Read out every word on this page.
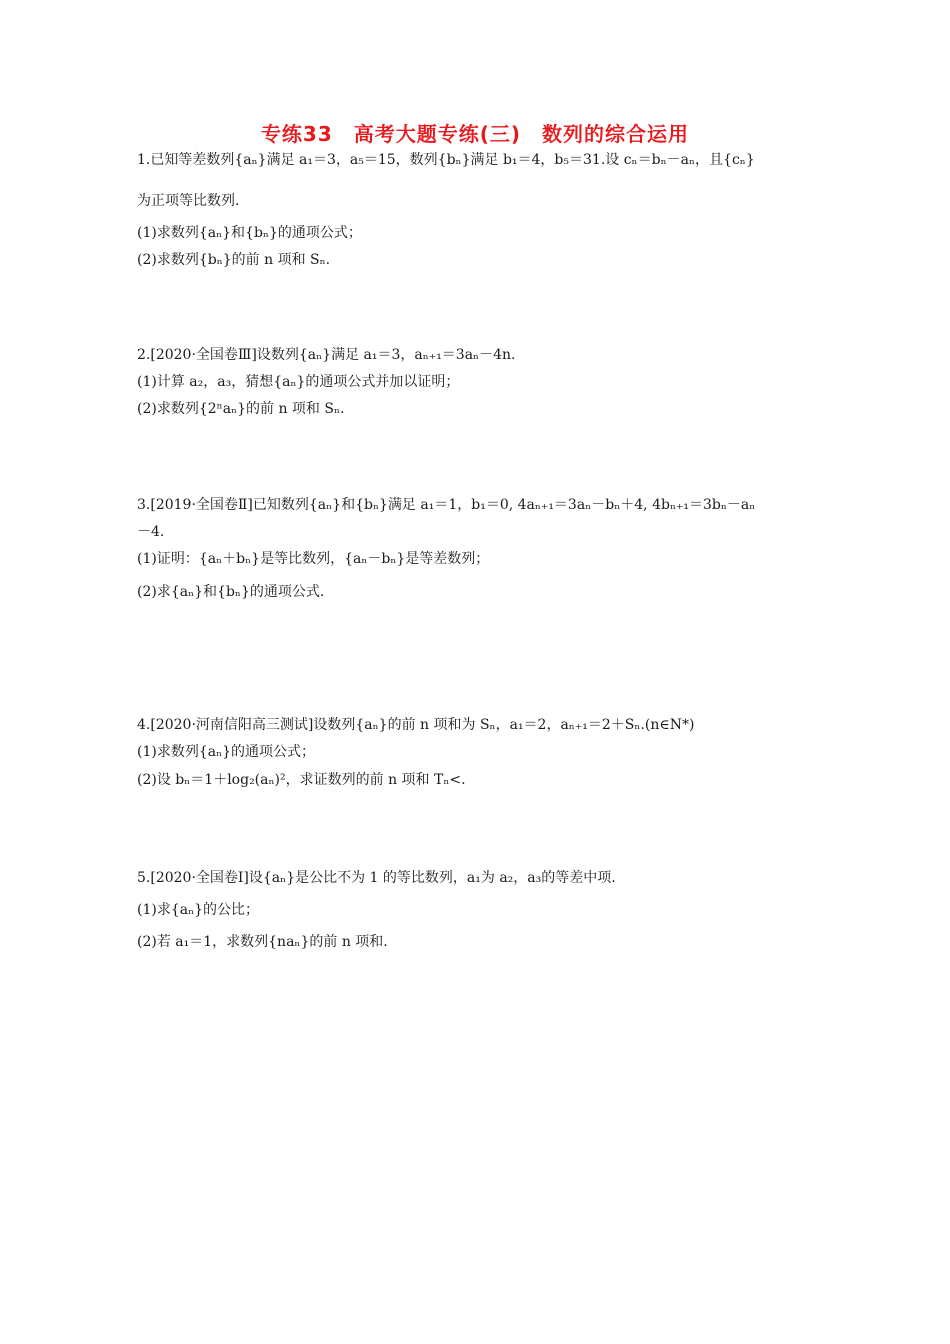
专练33　高考大题专练(三)　数列的综合运用
1.已知等差数列{aₙ}满足 a₁＝3，a₅＝15，数列{bₙ}满足 b₁＝4，b₅＝31.设 cₙ＝bₙ－aₙ，且{cₙ}
为正项等比数列.
(1)求数列{aₙ}和{bₙ}的通项公式；
(2)求数列{bₙ}的前 n 项和 Sₙ.
2.[2020·全国卷Ⅲ]设数列{aₙ}满足 a₁＝3，aₙ₊₁＝3aₙ－4n.
(1)计算 a₂，a₃，猜想{aₙ}的通项公式并加以证明；
(2)求数列{2ⁿaₙ}的前 n 项和 Sₙ.
3.[2019·全国卷Ⅱ]已知数列{aₙ}和{bₙ}满足 a₁＝1，b₁＝0, 4aₙ₊₁＝3aₙ－bₙ＋4, 4bₙ₊₁＝3bₙ－aₙ
－4.
(1)证明：{aₙ＋bₙ}是等比数列，{aₙ－bₙ}是等差数列；
(2)求{aₙ}和{bₙ}的通项公式.
4.[2020·河南信阳高三测试]设数列{aₙ}的前 n 项和为 Sₙ，a₁＝2，aₙ₊₁＝2＋Sₙ.(n∈N*)
(1)求数列{aₙ}的通项公式；
(2)设 bₙ＝1＋log₂(aₙ)²，求证数列的前 n 项和 Tₙ<.
5.[2020·全国卷Ⅰ]设{aₙ}是公比不为 1 的等比数列，a₁为 a₂，a₃的等差中项.
(1)求{aₙ}的公比；
(2)若 a₁＝1，求数列{naₙ}的前 n 项和.
